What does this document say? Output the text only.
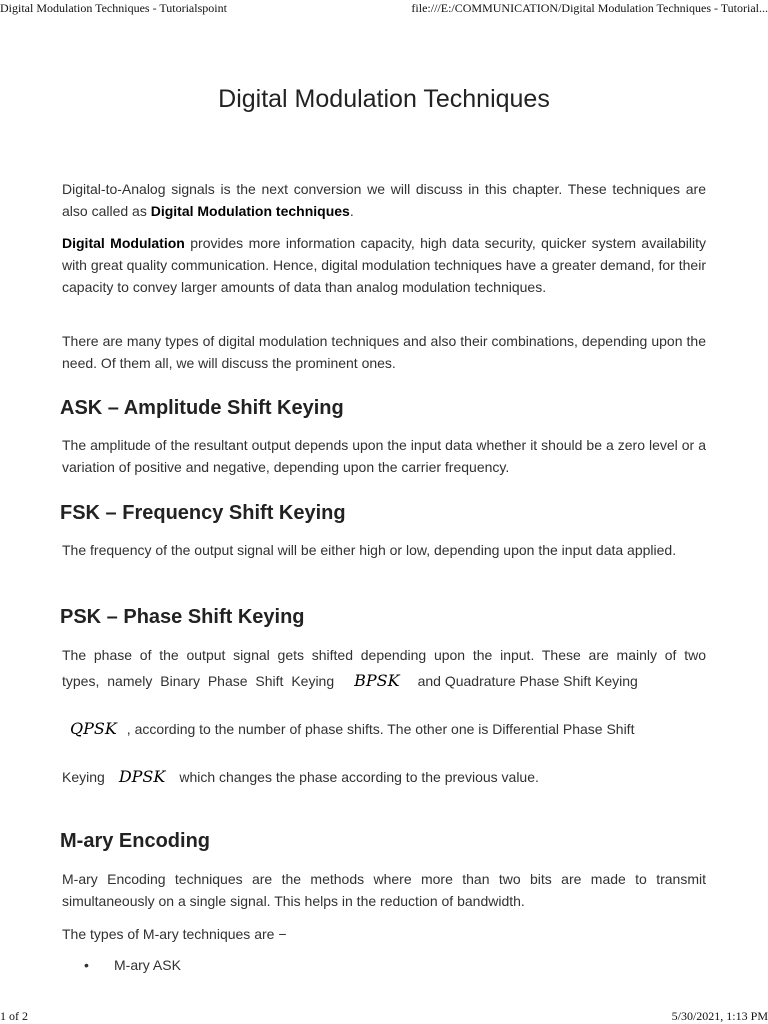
Digital Modulation Techniques - Tutorialspoint	file:///E:/COMMUNICATION/Digital Modulation Techniques - Tutorial...
Digital Modulation Techniques

Digital-to-Analog signals is the next conversion we will discuss in this chapter. These techniques are also called as Digital Modulation techniques.

Digital Modulation provides more information capacity, high data security, quicker system availability with great quality communication. Hence, digital modulation techniques have a greater demand, for their capacity to convey larger amounts of data than analog modulation techniques.

There are many types of digital modulation techniques and also their combinations, depending upon the need. Of them all, we will discuss the prominent ones.

ASK – Amplitude Shift Keying

The amplitude of the resultant output depends upon the input data whether it should be a zero level or a variation of positive and negative, depending upon the carrier frequency.

FSK – Frequency Shift Keying

The frequency of the output signal will be either high or low, depending upon the input data applied.

PSK – Phase Shift Keying

The phase of the output signal gets shifted depending upon the input. These are mainly of two

types, namely Binary Phase Shift Keying BPSK and Quadrature Phase Shift Keying
QPSK , according to the number of phase shifts. The other one is Differential Phase Shift
Keying DPSK which changes the phase according to the previous value.
M-ary Encoding

M-ary Encoding techniques are the methods where more than two bits are made to transmit simultaneously on a single signal. This helps in the reduction of bandwidth.

The types of M-ary techniques are −

• M-ary ASK
1 of 2	5/30/2021, 1:13 PM
